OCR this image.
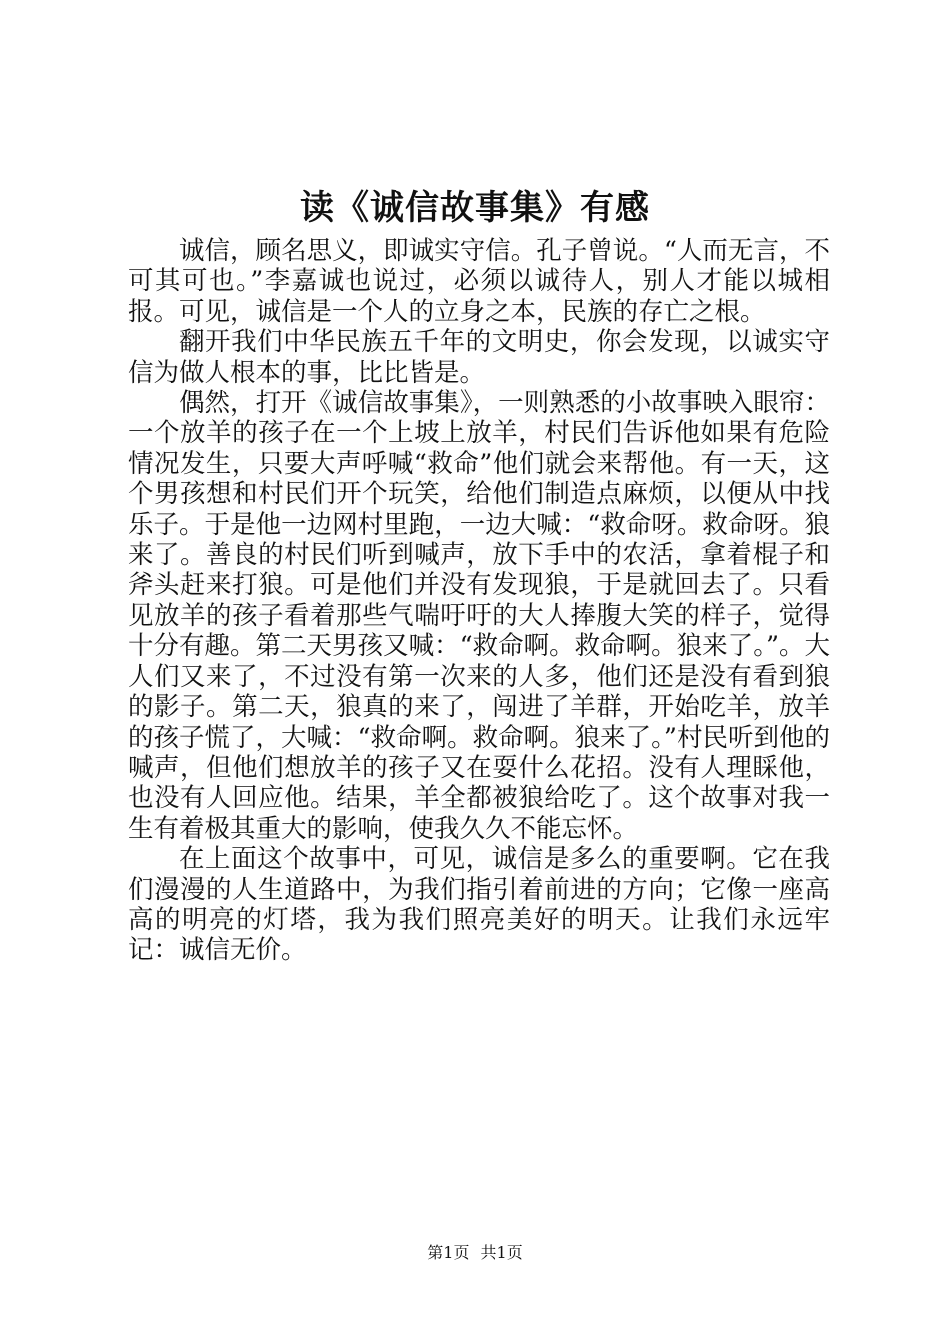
读《诚信故事集》有感

诚信，顾名思义，即诚实守信。孔子曾说。“人而无言，不可其可也。”李嘉诚也说过，必须以诚待人，别人才能以城相报。可见，诚信是一个人的立身之本，民族的存亡之根。

翻开我们中华民族五千年的文明史，你会发现，以诚实守信为做人根本的事，比比皆是。

偶然，打开《诚信故事集》，一则熟悉的小故事映入眼帘：一个放羊的孩子在一个上坡上放羊，村民们告诉他如果有危险情况发生，只要大声呼喊“救命”他们就会来帮他。有一天，这个男孩想和村民们开个玩笑，给他们制造点麻烦，以便从中找乐子。于是他一边网村里跑，一边大喊：“救命呀。救命呀。狼来了。善良的村民们听到喊声，放下手中的农活，拿着棍子和斧头赶来打狼。可是他们并没有发现狼，于是就回去了。只看见放羊的孩子看着那些气喘吁吁的大人捧腹大笑的样子，觉得十分有趣。第二天男孩又喊：“救命啊。救命啊。狼来了。”。大人们又来了，不过没有第一次来的人多，他们还是没有看到狼的影子。第二天，狼真的来了，闯进了羊群，开始吃羊，放羊的孩子慌了，大喊：“救命啊。救命啊。狼来了。”村民听到他的喊声，但他们想放羊的孩子又在耍什么花招。没有人理睬他，也没有人回应他。结果，羊全都被狼给吃了。这个故事对我一生有着极其重大的影响，使我久久不能忘怀。

在上面这个故事中，可见，诚信是多么的重要啊。它在我们漫漫的人生道路中，为我们指引着前进的方向；它像一座高高的明亮的灯塔，我为我们照亮美好的明天。让我们永远牢记：诚信无价。

第1页 共1页
